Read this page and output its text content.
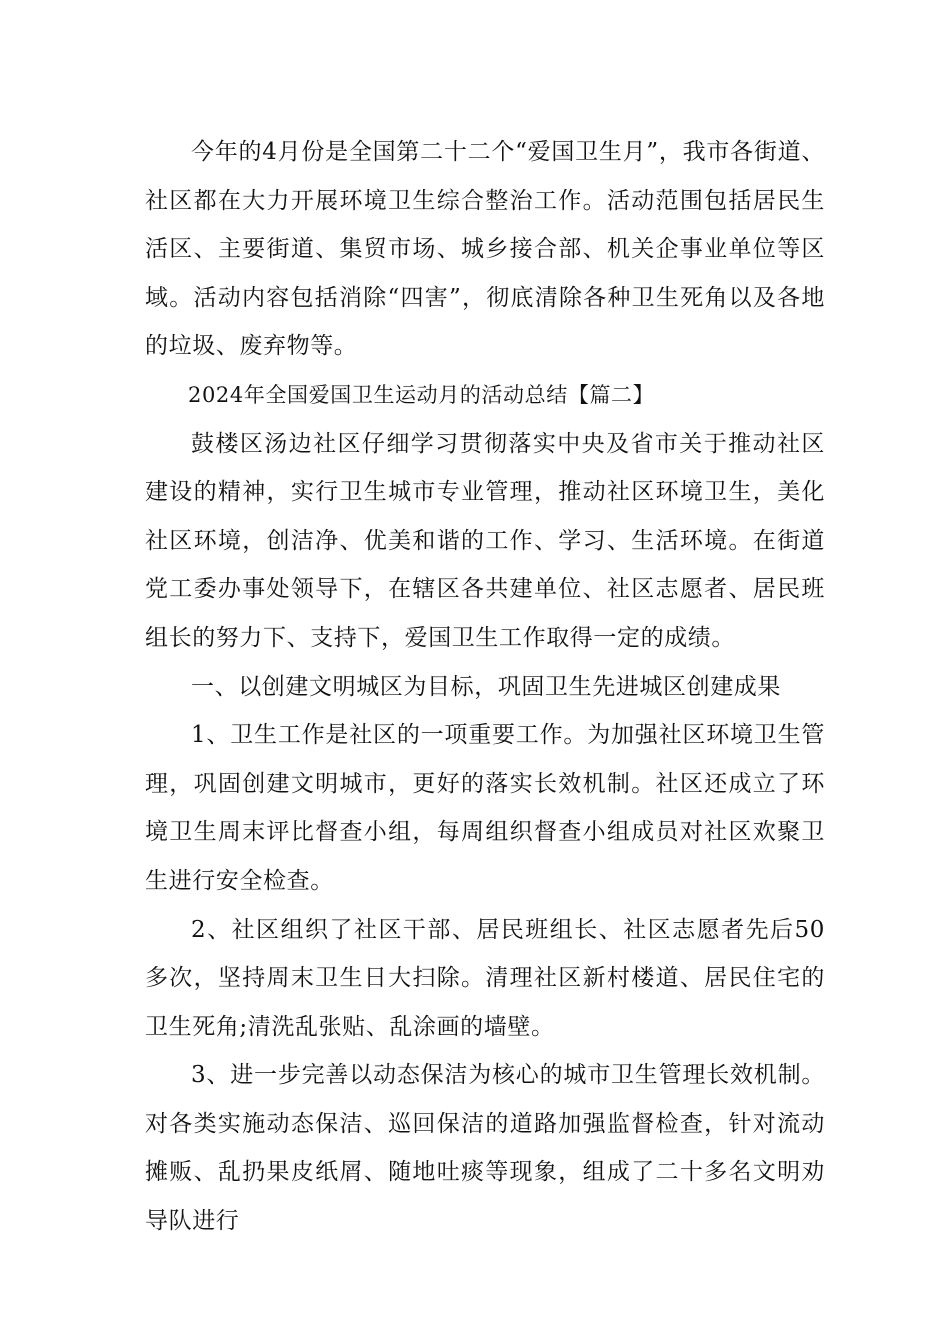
今年的4月份是全国第二十二个“爱国卫生月”，我市各街道、社区都在大力开展环境卫生综合整治工作。活动范围包括居民生活区、主要街道、集贸市场、城乡接合部、机关企事业单位等区域。活动内容包括消除“四害”，彻底清除各种卫生死角以及各地的垃圾、废弃物等。

2024年全国爱国卫生运动月的活动总结【篇二】

鼓楼区汤边社区仔细学习贯彻落实中央及省市关于推动社区建设的精神，实行卫生城市专业管理，推动社区环境卫生，美化社区环境，创洁净、优美和谐的工作、学习、生活环境。在街道党工委办事处领导下，在辖区各共建单位、社区志愿者、居民班组长的努力下、支持下，爱国卫生工作取得一定的成绩。

一、以创建文明城区为目标，巩固卫生先进城区创建成果

1、卫生工作是社区的一项重要工作。为加强社区环境卫生管理，巩固创建文明城市，更好的落实长效机制。社区还成立了环境卫生周末评比督查小组，每周组织督查小组成员对社区欢聚卫生进行安全检查。

2、社区组织了社区干部、居民班组长、社区志愿者先后50多次，坚持周末卫生日大扫除。清理社区新村楼道、居民住宅的卫生死角;清洗乱张贴、乱涂画的墙壁。

3、进一步完善以动态保洁为核心的城市卫生管理长效机制。对各类实施动态保洁、巡回保洁的道路加强监督检查，针对流动摊贩、乱扔果皮纸屑、随地吐痰等现象，组成了二十多名文明劝导队进行
